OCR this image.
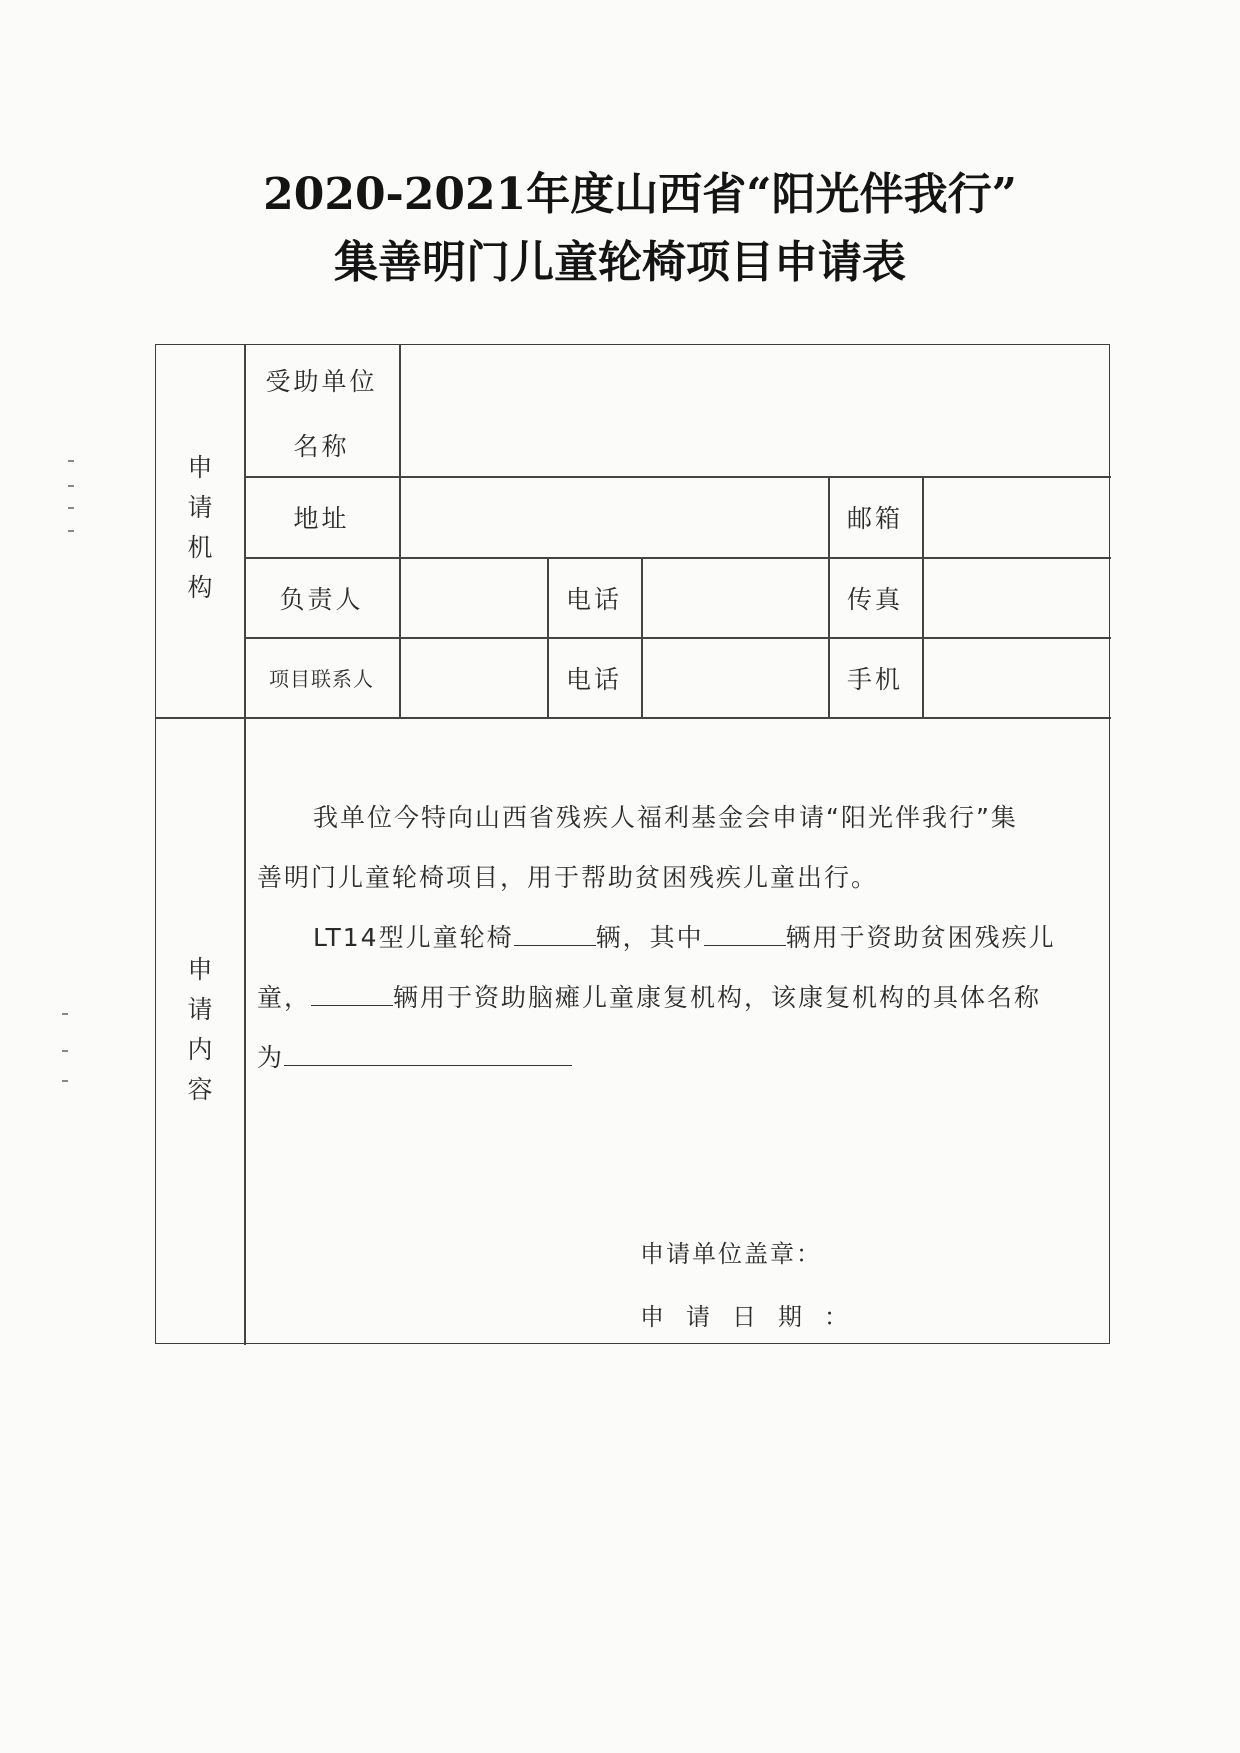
2020-2021年度山西省“阳光伴我行”
集善明门儿童轮椅项目申请表
申
请
机
构
受助单位
名称
地址	邮箱
负责人	电话	传真
项目联系人	电话	手机
申
请
内
容
我单位今特向山西省残疾人福利基金会申请“阳光伴我行”集
善明门儿童轮椅项目，用于帮助贫困残疾儿童出行。
LT14型儿童轮椅	辆，其中	辆用于资助贫困残疾儿
童，	辆用于资助脑瘫儿童康复机构，该康复机构的具体名称
为
申请单位盖章：
申请日期：
